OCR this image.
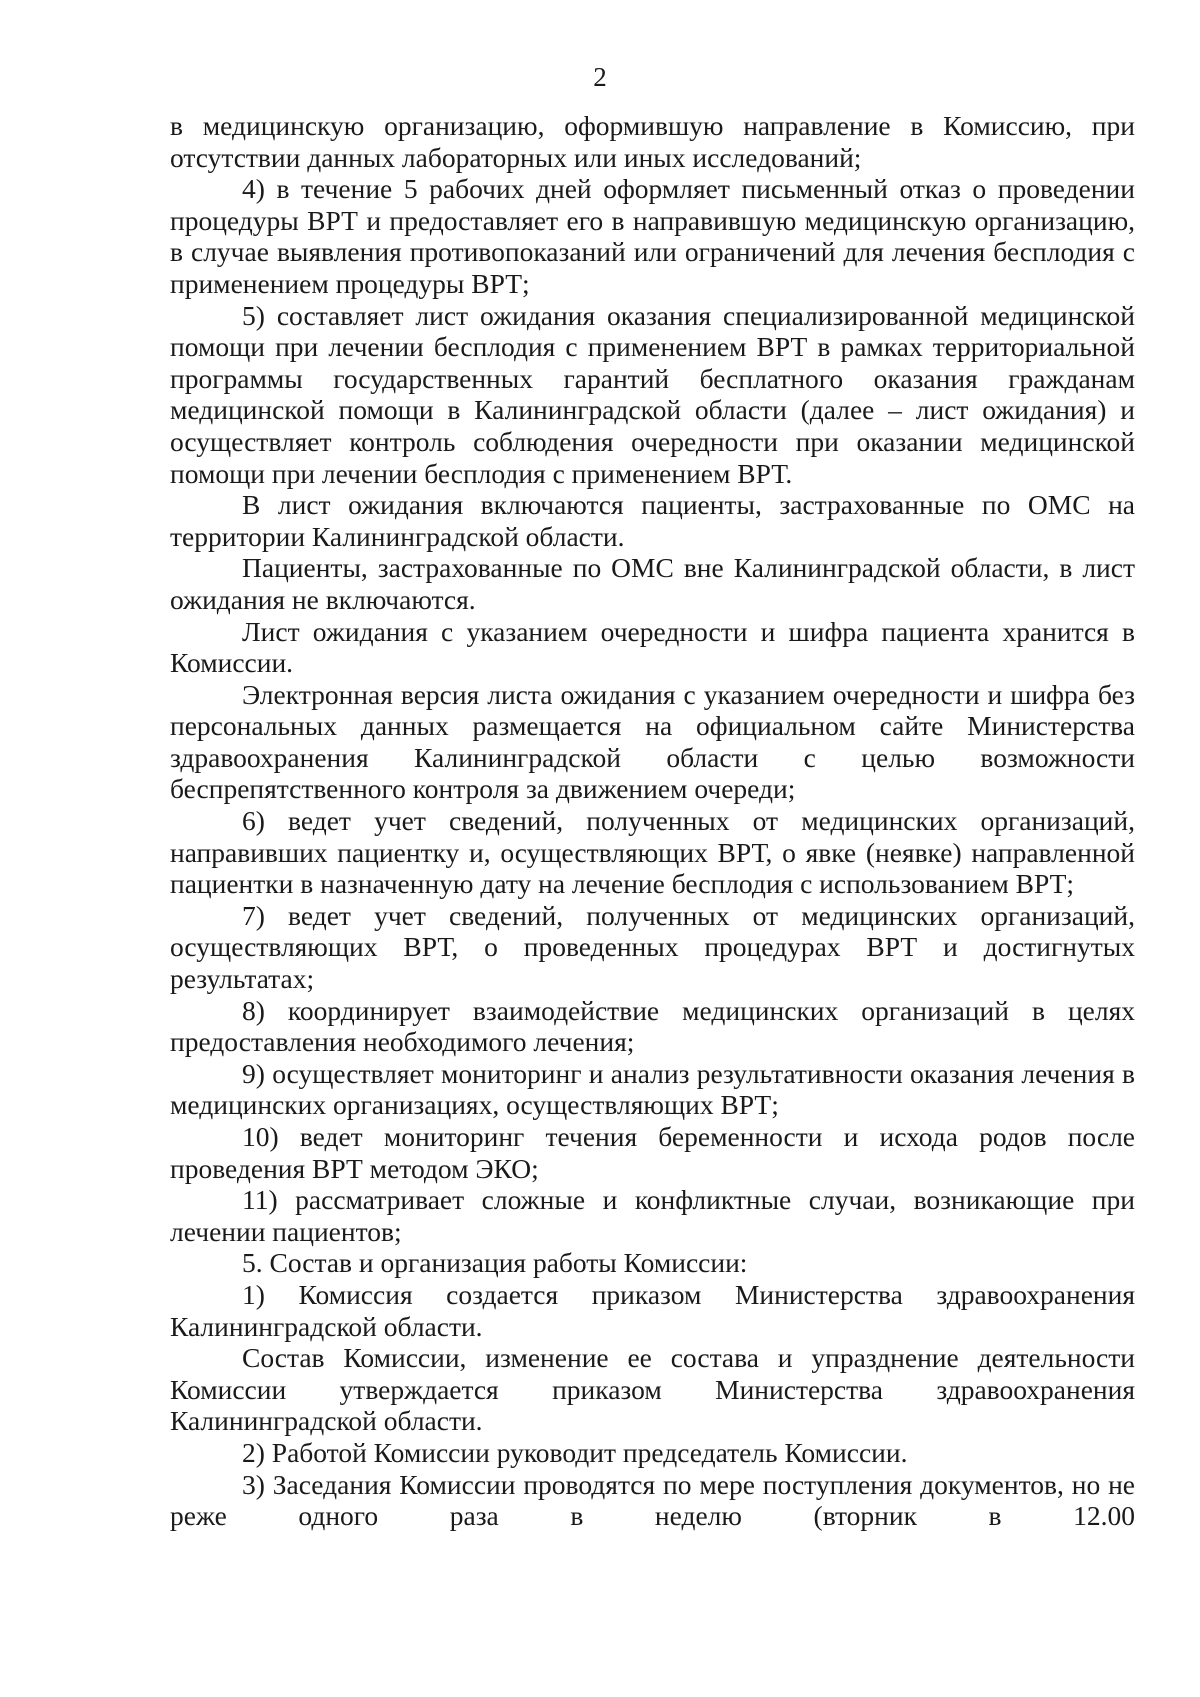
2

в медицинскую организацию, оформившую направление в Комиссию, при отсутствии данных лабораторных или иных исследований;

4) в течение 5 рабочих дней оформляет письменный отказ о проведении процедуры ВРТ и предоставляет его в направившую медицинскую организацию, в случае выявления противопоказаний или ограничений для лечения бесплодия с применением процедуры ВРТ;

5) составляет лист ожидания оказания специализированной медицинской помощи при лечении бесплодия с применением ВРТ в рамках территориальной программы государственных гарантий бесплатного оказания гражданам медицинской помощи в Калининградской области (далее – лист ожидания) и осуществляет контроль соблюдения очередности при оказании медицинской помощи при лечении бесплодия с применением ВРТ.

В лист ожидания включаются пациенты, застрахованные по ОМС на территории Калининградской области.

Пациенты, застрахованные по ОМС вне Калининградской области, в лист ожидания не включаются.

Лист ожидания с указанием очередности и шифра пациента хранится в Комиссии.

Электронная версия листа ожидания с указанием очередности и шифра без персональных данных размещается на официальном сайте Министерства здравоохранения Калининградской области с целью возможности беспрепятственного контроля за движением очереди;

6) ведет учет сведений, полученных от медицинских организаций, направивших пациентку и, осуществляющих ВРТ, о явке (неявке) направленной пациентки в назначенную дату на лечение бесплодия с использованием ВРТ;

7) ведет учет сведений, полученных от медицинских организаций, осуществляющих ВРТ, о проведенных процедурах ВРТ и достигнутых результатах;

8) координирует взаимодействие медицинских организаций в целях предоставления необходимого лечения;

9) осуществляет мониторинг и анализ результативности оказания лечения в медицинских организациях, осуществляющих ВРТ;

10) ведет мониторинг течения беременности и исхода родов после проведения ВРТ методом ЭКО;

11) рассматривает сложные и конфликтные случаи, возникающие при лечении пациентов;

5. Состав и организация работы Комиссии:

1) Комиссия создается приказом Министерства здравоохранения Калининградской области.

Состав Комиссии, изменение ее состава и упразднение деятельности Комиссии утверждается приказом Министерства здравоохранения Калининградской области.

2) Работой Комиссии руководит председатель Комиссии.

3) Заседания Комиссии проводятся по мере поступления документов, но не реже одного раза в неделю (вторник в 12.00
